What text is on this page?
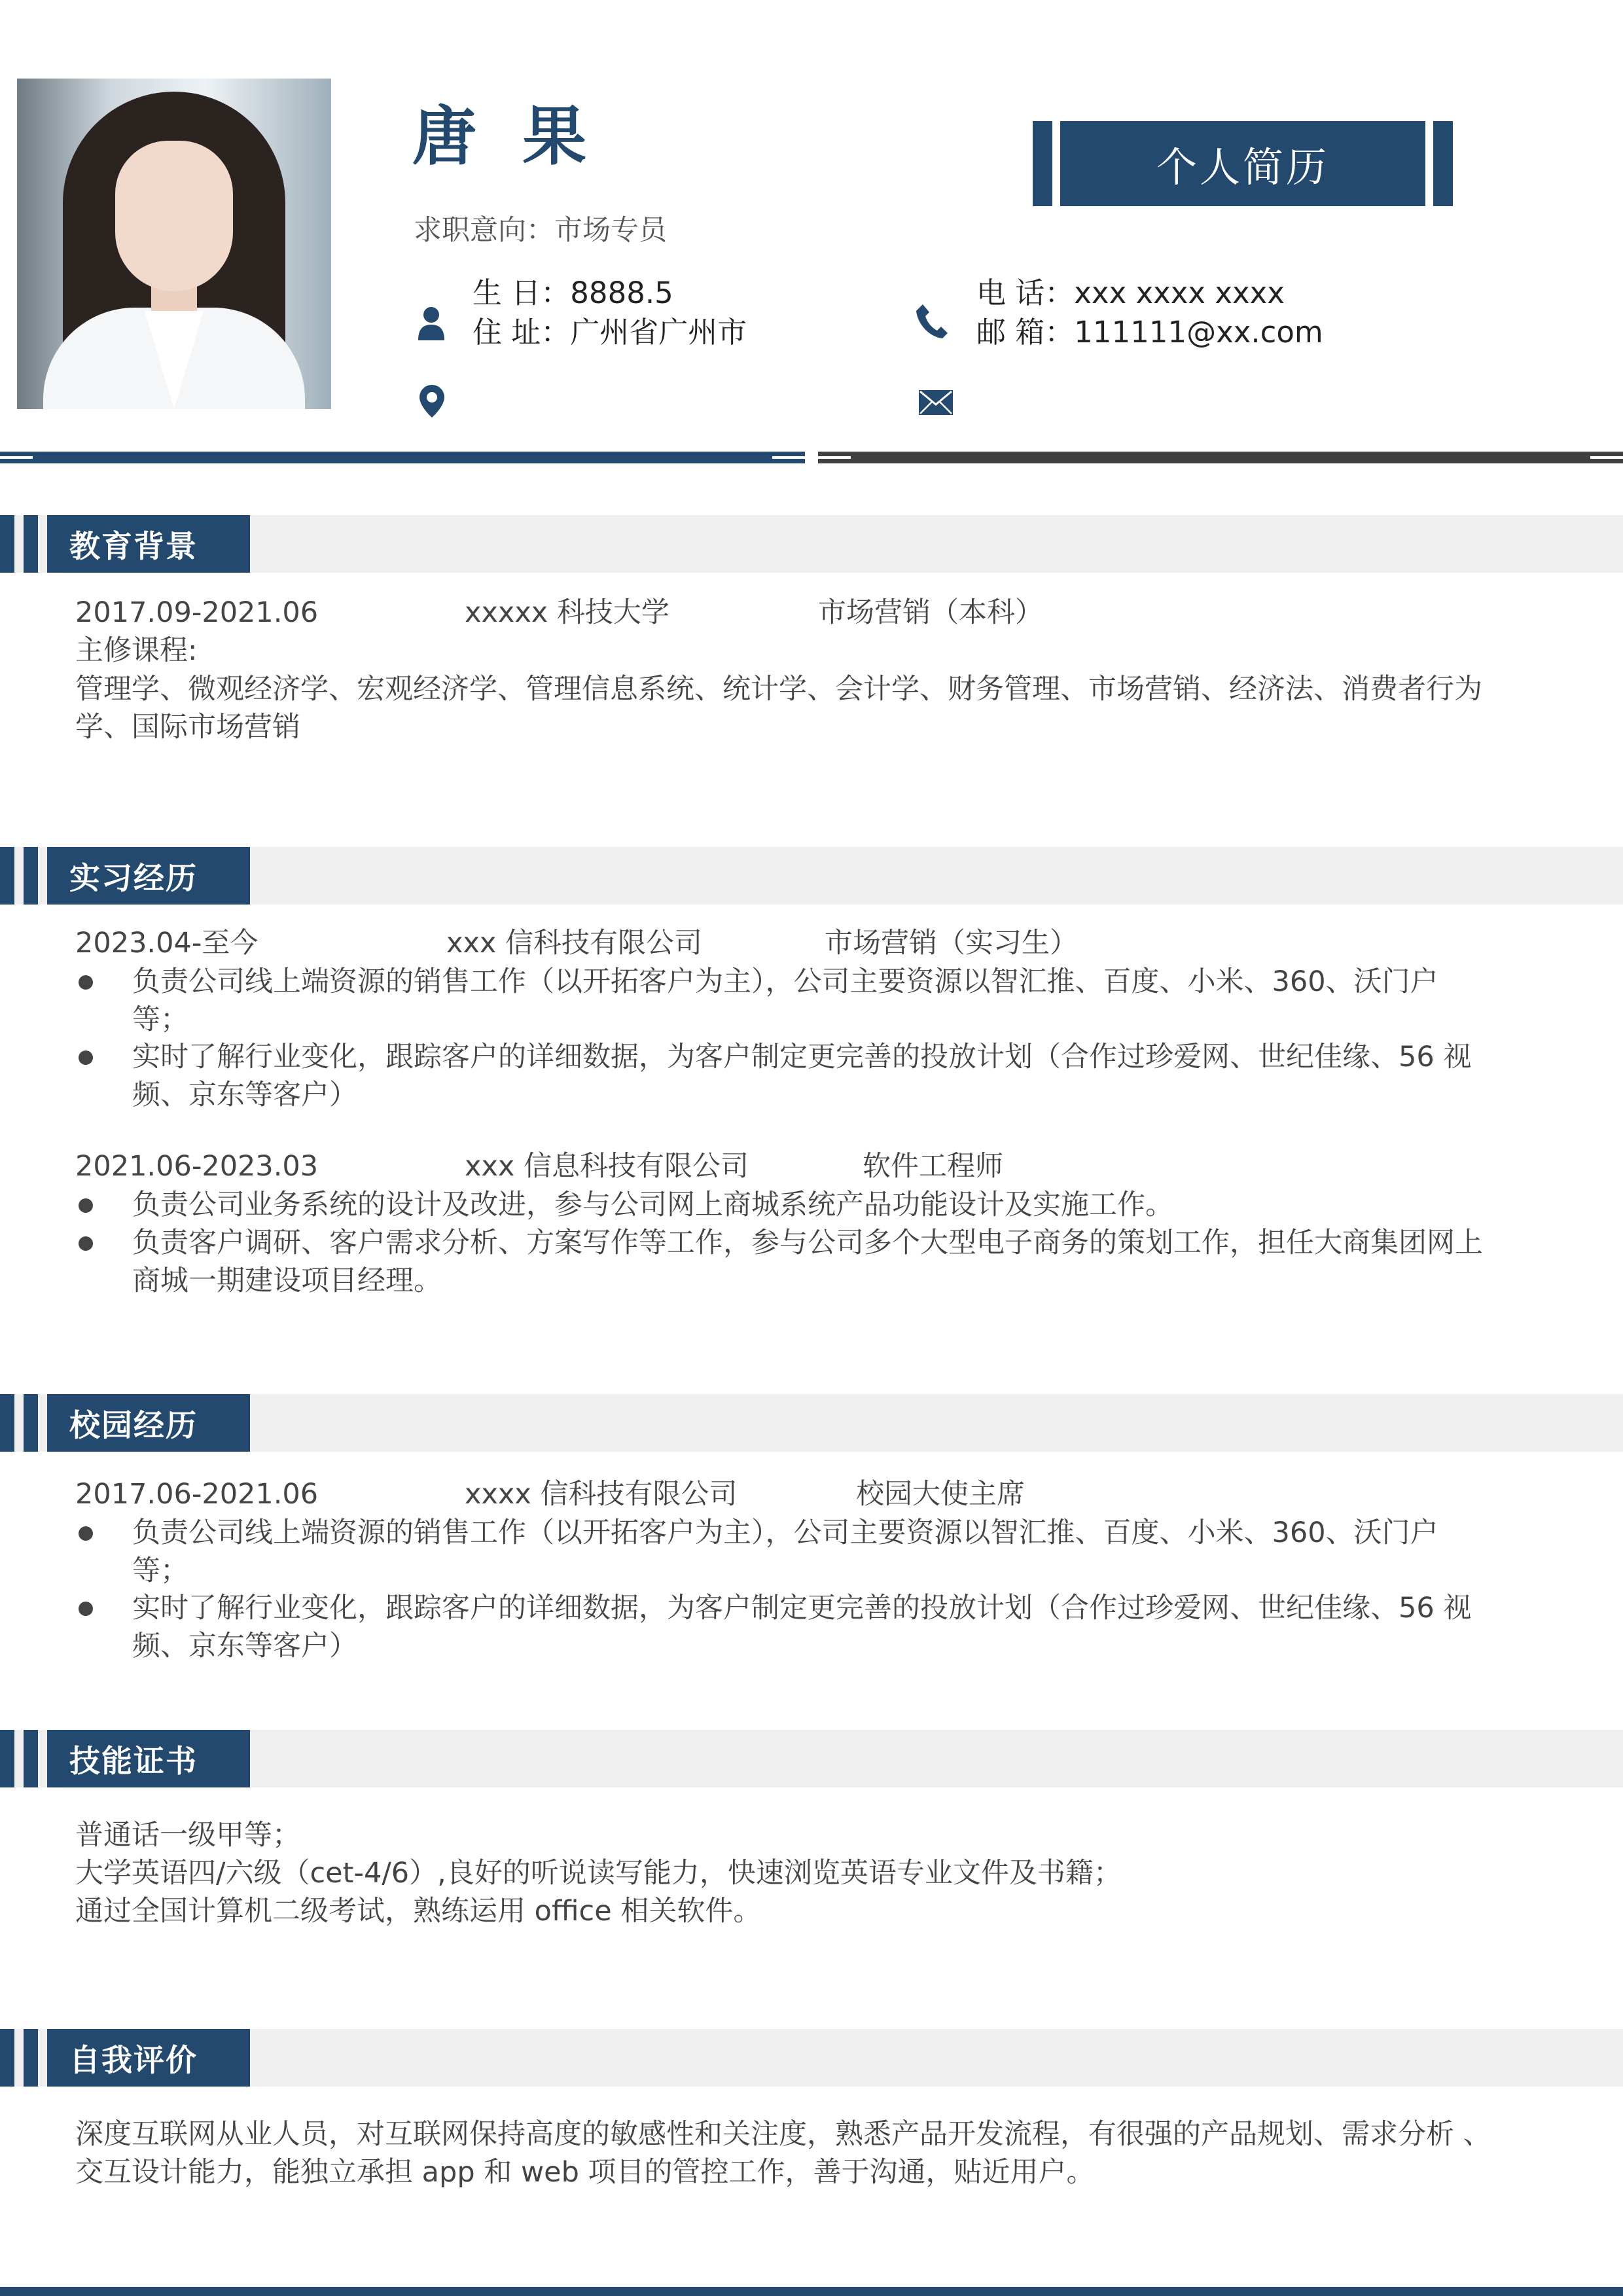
唐 果
求职意向：市场专员
个人简历
生 日：8888.5
住 址：广州省广州市
电 话：xxx xxxx xxxx
邮 箱：111111@xx.com
教育背景
2017.09-2021.06	xxxxx 科技大学	市场营销（本科）
主修课程:
管理学、微观经济学、宏观经济学、管理信息系统、统计学、会计学、财务管理、市场营销、经济法、消费者行为学、国际市场营销
实习经历
2023.04-至今	xxx 信科技有限公司	市场营销（实习生）
负责公司线上端资源的销售工作（以开拓客户为主），公司主要资源以智汇推、百度、小米、360、沃门户等；
实时了解行业变化，跟踪客户的详细数据，为客户制定更完善的投放计划（合作过珍爱网、世纪佳缘、56 视频、京东等客户）
2021.06-2023.03	xxx 信息科技有限公司	软件工程师
负责公司业务系统的设计及改进，参与公司网上商城系统产品功能设计及实施工作。
负责客户调研、客户需求分析、方案写作等工作，参与公司多个大型电子商务的策划工作，担任大商集团网上商城一期建设项目经理。
校园经历
2017.06-2021.06	xxxx 信科技有限公司	校园大使主席
负责公司线上端资源的销售工作（以开拓客户为主），公司主要资源以智汇推、百度、小米、360、沃门户等；
实时了解行业变化，跟踪客户的详细数据，为客户制定更完善的投放计划（合作过珍爱网、世纪佳缘、56 视频、京东等客户）
技能证书
普通话一级甲等；
大学英语四/六级（cet-4/6）,良好的听说读写能力，快速浏览英语专业文件及书籍；
通过全国计算机二级考试，熟练运用 office 相关软件。
自我评价
深度互联网从业人员，对互联网保持高度的敏感性和关注度，熟悉产品开发流程，有很强的产品规划、需求分析 、交互设计能力，能独立承担 app 和 web 项目的管控工作，善于沟通，贴近用户。
